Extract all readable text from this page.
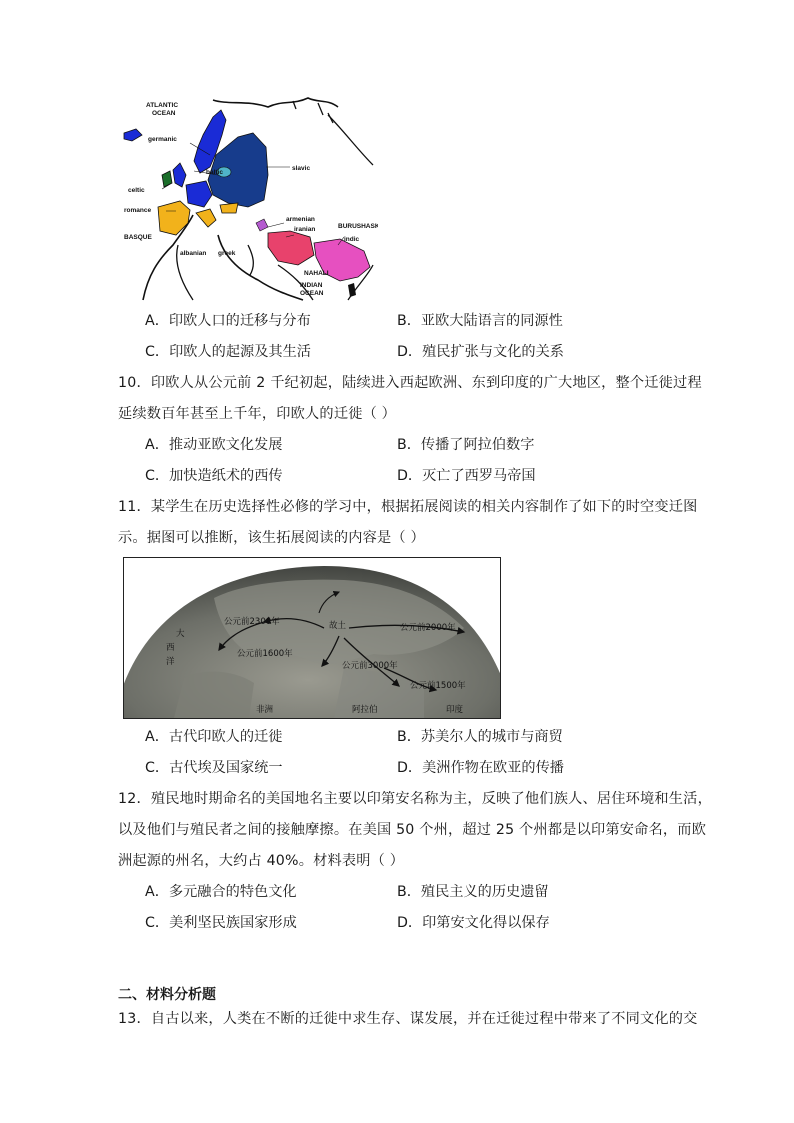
ATLANTIC
OCEAN
germanic
baltic
slavic
celtic
romance
BASQUE
armenian
iranian	BURUSHASKI
indic
albanian greek
NAHALI
INDIAN
OCEAN
A．印欧人口的迁移与分布	B．亚欧大陆语言的同源性
C．印欧人的起源及其生活	D．殖民扩张与文化的关系
10．印欧人从公元前 2 千纪初起，陆续进入西起欧洲、东到印度的广大地区，整个迁徙过程
延续数百年甚至上千年，印欧人的迁徙（ ）
A．推动亚欧文化发展	B．传播了阿拉伯数字
C．加快造纸术的西传	D．灭亡了西罗马帝国
11．某学生在历史选择性必修的学习中，根据拓展阅读的相关内容制作了如下的时空变迁图
示。据图可以推断，该生拓展阅读的内容是（ ）
大
西
洋
公元前2300年	故土	公元前2000年
公元前1600年
公元前3000年
公元前1500年
非洲	阿拉伯	印度
A．古代印欧人的迁徙	B．苏美尔人的城市与商贸
C．古代埃及国家统一	D．美洲作物在欧亚的传播
12．殖民地时期命名的美国地名主要以印第安名称为主，反映了他们族人、居住环境和生活，
以及他们与殖民者之间的接触摩擦。在美国 50 个州，超过 25 个州都是以印第安命名，而欧
洲起源的州名，大约占 40%。材料表明（ ）
A．多元融合的特色文化	B．殖民主义的历史遗留
C．美利坚民族国家形成	D．印第安文化得以保存
二、材料分析题
13．自古以来，人类在不断的迁徙中求生存、谋发展，并在迁徙过程中带来了不同文化的交
